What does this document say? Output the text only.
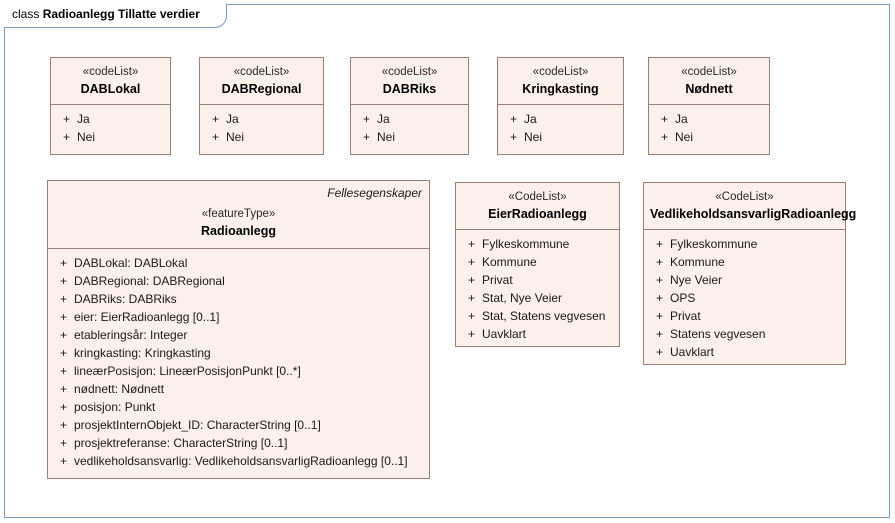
class Radioanlegg Tillatte verdier
«codeList»
DABLokal
+ Ja
+ Nei
«codeList»
DABRegional
+ Ja
+ Nei
«codeList»
DABRiks
+ Ja
+ Nei
«codeList»
Kringkasting
+ Ja
+ Nei
«codeList»
Nødnett
+ Ja
+ Nei
Fellesegenskaper
«featureType»
Radioanlegg
+ DABLokal: DABLokal
+ DABRegional: DABRegional
+ DABRiks: DABRiks
+ eier: EierRadioanlegg [0..1]
+ etableringsår: Integer
+ kringkasting: Kringkasting
+ lineærPosisjon: LineærPosisjonPunkt [0..*]
+ nødnett: Nødnett
+ posisjon: Punkt
+ prosjektInternObjekt_ID: CharacterString [0..1]
+ prosjektreferanse: CharacterString [0..1]
+ vedlikeholdsansvarlig: VedlikeholdsansvarligRadioanlegg [0..1]
«CodeList»
EierRadioanlegg
+ Fylkeskommune
+ Kommune
+ Privat
+ Stat, Nye Veier
+ Stat, Statens vegvesen
+ Uavklart
«CodeList»
VedlikeholdsansvarligRadioanlegg
+ Fylkeskommune
+ Kommune
+ Nye Veier
+ OPS
+ Privat
+ Statens vegvesen
+ Uavklart
